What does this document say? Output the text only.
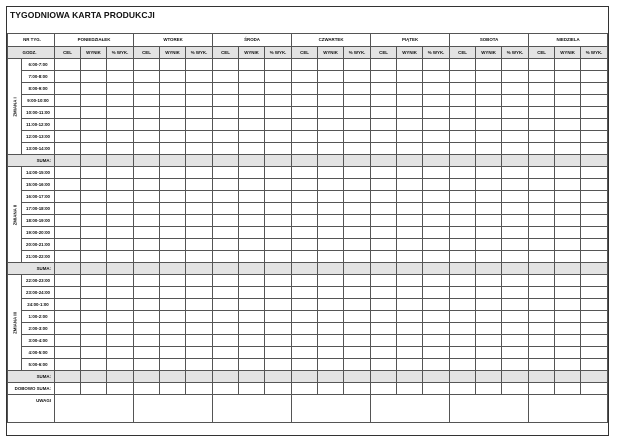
TYGODNIOWA KARTA PRODUKCJI
NR TYG.		PONIEDZIAŁEK			WTOREK			ŚRODA			CZWARTEK			PIĄTEK			SOBOTA			NIEDZIELA		
GODZ.		CEL	WYNIK	% WYK.	CEL	WYNIK	% WYK.	CEL	WYNIK	% WYK.	CEL	WYNIK	% WYK.	CEL	WYNIK	% WYK.	CEL	WYNIK	% WYK.	CEL	WYNIK	% WYK.

ZMIANA I	6:00-7:00																					
	7:00-8:00																					
	8:00-9:00																					
	9:00-10:00																					
	10:00-11:00																					
	11:00-12:00																					
	12:00-13:00																					
	13:00-14:00																					
SUMA:																						

ZMIANA II	14:00-15:00																					
	15:00-16:00																					
	16:00-17:00																					
	17:00-18:00																					
	18:00-19:00																					
	19:00-20:00																					
	20:00-21:00																					
	21:00-22:00																					
SUMA:																						

ZMIANA III	22:00-23:00																					
	23:00-24:00																					
	24:00-1:00																					
	1:00-2:00																					
	2:00-3:00																					
	3:00-4:00																					
	4:00-5:00																					
	5:00-6:00																					
SUMA:																						
DOBOWO SUMA:																						
UWAGI																						
